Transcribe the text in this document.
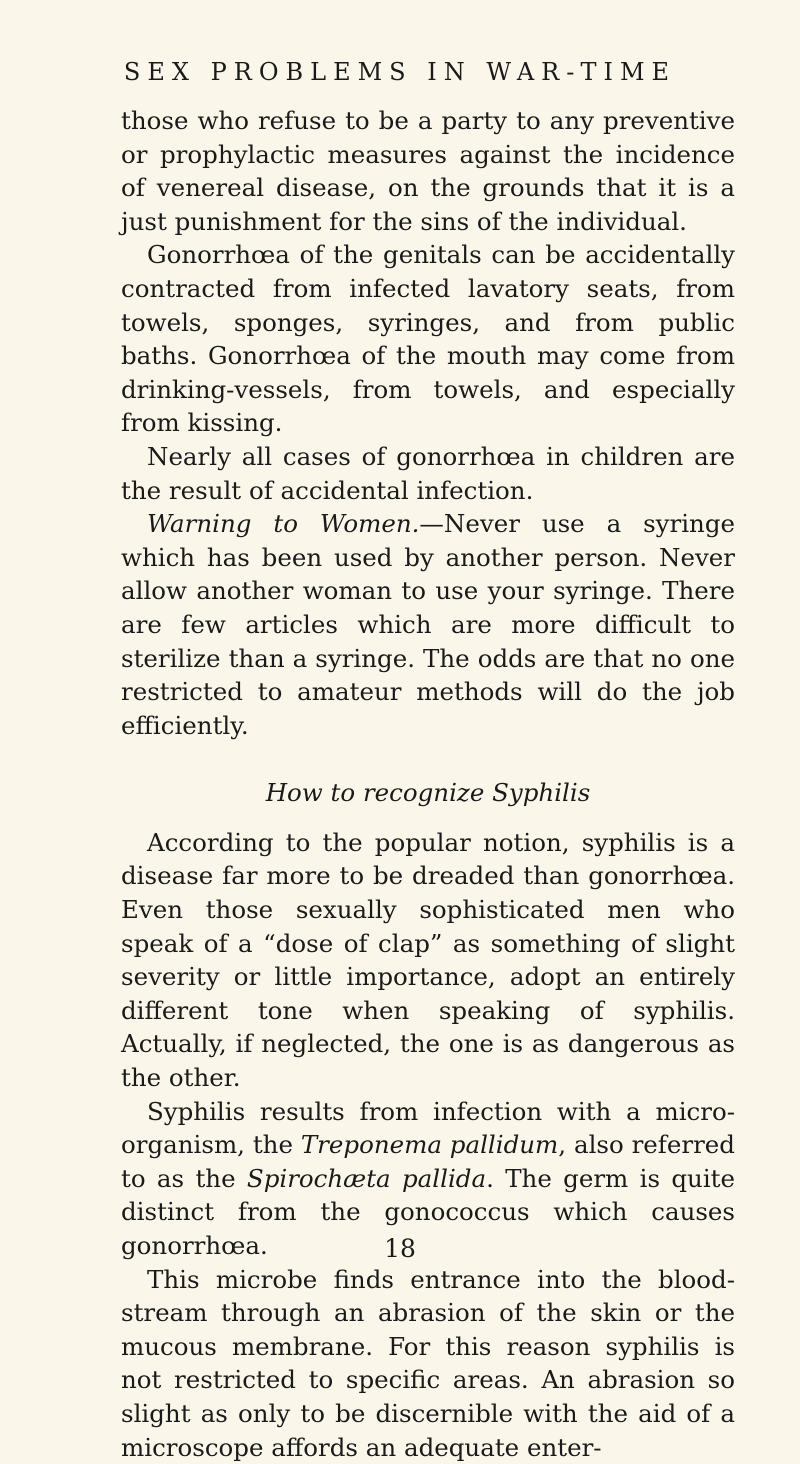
SEX PROBLEMS IN WAR-TIME

those who refuse to be a party to any preventive or prophylactic measures against the incidence of venereal disease, on the grounds that it is a just punishment for the sins of the individual.

Gonorrhœa of the genitals can be accidentally contracted from infected lavatory seats, from towels, sponges, syringes, and from public baths. Gonorrhœa of the mouth may come from drinking-vessels, from towels, and especially from kissing.

Nearly all cases of gonorrhœa in children are the result of accidental infection.

Warning to Women.—Never use a syringe which has been used by another person. Never allow another woman to use your syringe. There are few articles which are more difficult to sterilize than a syringe. The odds are that no one restricted to amateur methods will do the job efficiently.

How to recognize Syphilis

According to the popular notion, syphilis is a disease far more to be dreaded than gonorrhœa. Even those sexually sophisticated men who speak of a “dose of clap” as something of slight severity or little importance, adopt an entirely different tone when speaking of syphilis. Actually, if neglected, the one is as dangerous as the other.

Syphilis results from infection with a micro-organism, the Treponema pallidum, also referred to as the Spirochæta pallida. The germ is quite distinct from the gonococcus which causes gonorrhœa.

This microbe finds entrance into the blood-stream through an abrasion of the skin or the mucous membrane. For this reason syphilis is not restricted to specific areas. An abrasion so slight as only to be discernible with the aid of a microscope affords an adequate enter-

18
